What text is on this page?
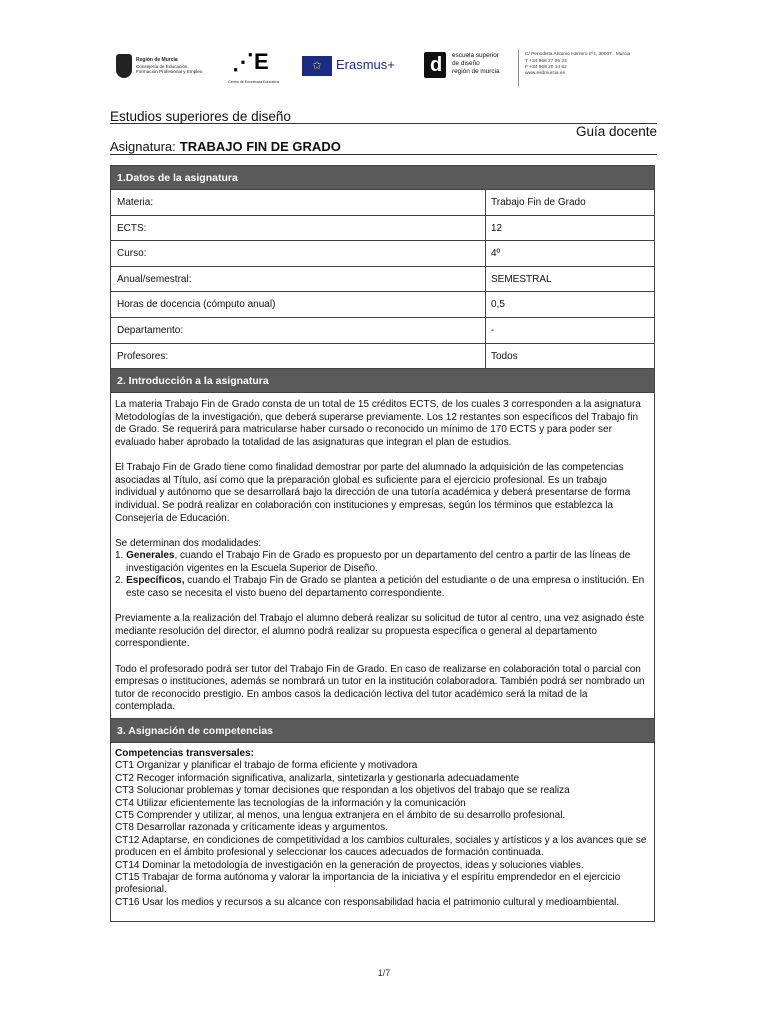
Región de Murcia
Consejería de Educación,
Formación Profesional y Empleo ⋰E
Centro de Excelencia Educativa
✩	Erasmus+ d escuela superior
de diseño
región de murcia
C/ Periodista Antonio Herrero nº4, 30007 . Murcia
T +34 968 27 05 23
F +34 968 20 14 52
www.esdmurcia.es
Estudios superiores de diseño
Guía docente
Asignatura: TRABAJO FIN DE GRADO
1.Datos de la asignatura
Materia:	Trabajo Fin de Grado
ECTS:	12
Curso:	4º
Anual/semestral:	SEMESTRAL
Horas de docencia (cómputo anual)	0,5
Departamento:	-
Profesores:	Todos
2. Introducción a la asignatura

La materia Trabajo Fin de Grado consta de un total de 15 créditos ECTS, de los cuales 3 corresponden a la asignatura Metodologías de la investigación, que deberá superarse previamente. Los 12 restantes son específicos del Trabajo fin de Grado. Se requerirá para matricularse haber cursado o reconocido un mínimo de 170 ECTS y para poder ser evaluado haber aprobado la totalidad de las asignaturas que integran el plan de estudios.

El Trabajo Fin de Grado tiene como finalidad demostrar por parte del alumnado la adquisición de las competencias asociadas al Título, así como que la preparación global es suficiente para el ejercicio profesional. Es un trabajo individual y autónomo que se desarrollará bajo la dirección de una tutoría académica y deberá presentarse de forma individual. Se podrá realizar en colaboración con instituciones y empresas, según los términos que establezca la Consejería de Educación.

Se determinan dos modalidades:
1. Generales, cuando el Trabajo Fin de Grado es propuesto por un departamento del centro a partir de las líneas de investigación vigentes en la Escuela Superior de Diseño.
2. Específicos, cuando el Trabajo Fin de Grado se plantea a petición del estudiante o de una empresa o institución. En este caso se necesita el visto bueno del departamento correspondiente.

Previamente a la realización del Trabajo el alumno deberá realizar su solicitud de tutor al centro, una vez asignado éste mediante resolución del director, el alumno podrá realizar su propuesta específica o general al departamento correspondiente.

Todo el profesorado podrá ser tutor del Trabajo Fin de Grado. En caso de realizarse en colaboración total o parcial con empresas o instituciones, además se nombrará un tutor en la institución colaboradora. También podrá ser nombrado un tutor de reconocido prestigio. En ambos casos la dedicación lectiva del tutor académico será la mitad de la contemplada.

3. Asignación de competencias
Competencias transversales:
CT1 Organizar y planificar el trabajo de forma eficiente y motivadora
CT2 Recoger información significativa, analizarla, sintetizarla y gestionarla adecuadamente
CT3 Solucionar problemas y tomar decisiones que respondan a los objetivos del trabajo que se realiza
CT4 Utilizar eficientemente las tecnologías de la información y la comunicación
CT5 Comprender y utilizar, al menos, una lengua extranjera en el ámbito de su desarrollo profesional.
CT8 Desarrollar razonada y críticamente ideas y argumentos.
CT12 Adaptarse, en condiciones de competitividad a los cambios culturales, sociales y artísticos y a los avances que se producen en el ámbito profesional y seleccionar los cauces adecuados de formación continuada.
CT14 Dominar la metodología de investigación en la generación de proyectos, ideas y soluciones viables.
CT15 Trabajar de forma autónoma y valorar la importancia de la iniciativa y el espíritu emprendedor en el ejercicio profesional.
CT16 Usar los medios y recursos a su alcance con responsabilidad hacia el patrimonio cultural y medioambiental.
1/7
